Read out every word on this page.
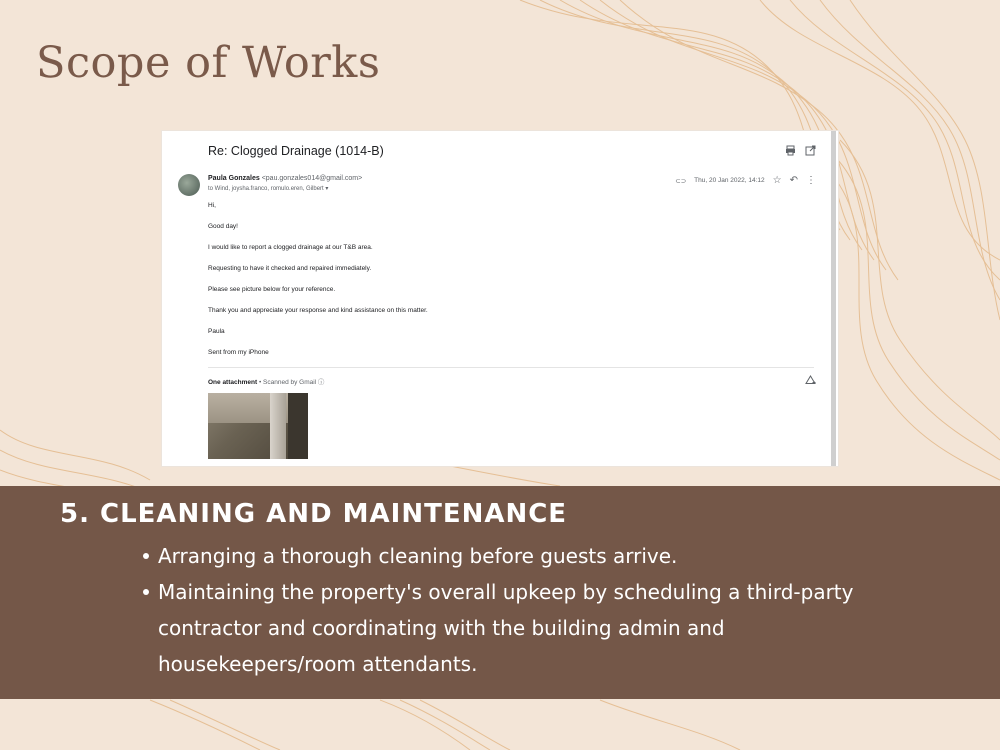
Scope of Works
Re: Clogged Drainage (1014-B)
Paula Gonzales <pau.gonzales014@gmail.com>
to Wind, joysha.franco, romulo.eren, Gilbert ▾
⊂⊃ Thu, 20 Jan 2022, 14:12 ☆ ↶ ⋮

Hi,

Good day!

I would like to report a clogged drainage at our T&B area.

Requesting to have it checked and repaired immediately.

Please see picture below for your reference.

Thank you and appreciate your response and kind assistance on this matter.

Paula

Sent from my iPhone

One attachment • Scanned by Gmail ⓘ
5. CLEANING AND MAINTENANCE
Arranging a thorough cleaning before guests arrive.
Maintaining the property's overall upkeep by scheduling a third-party contractor and coordinating with the building admin and housekeepers/room attendants.
